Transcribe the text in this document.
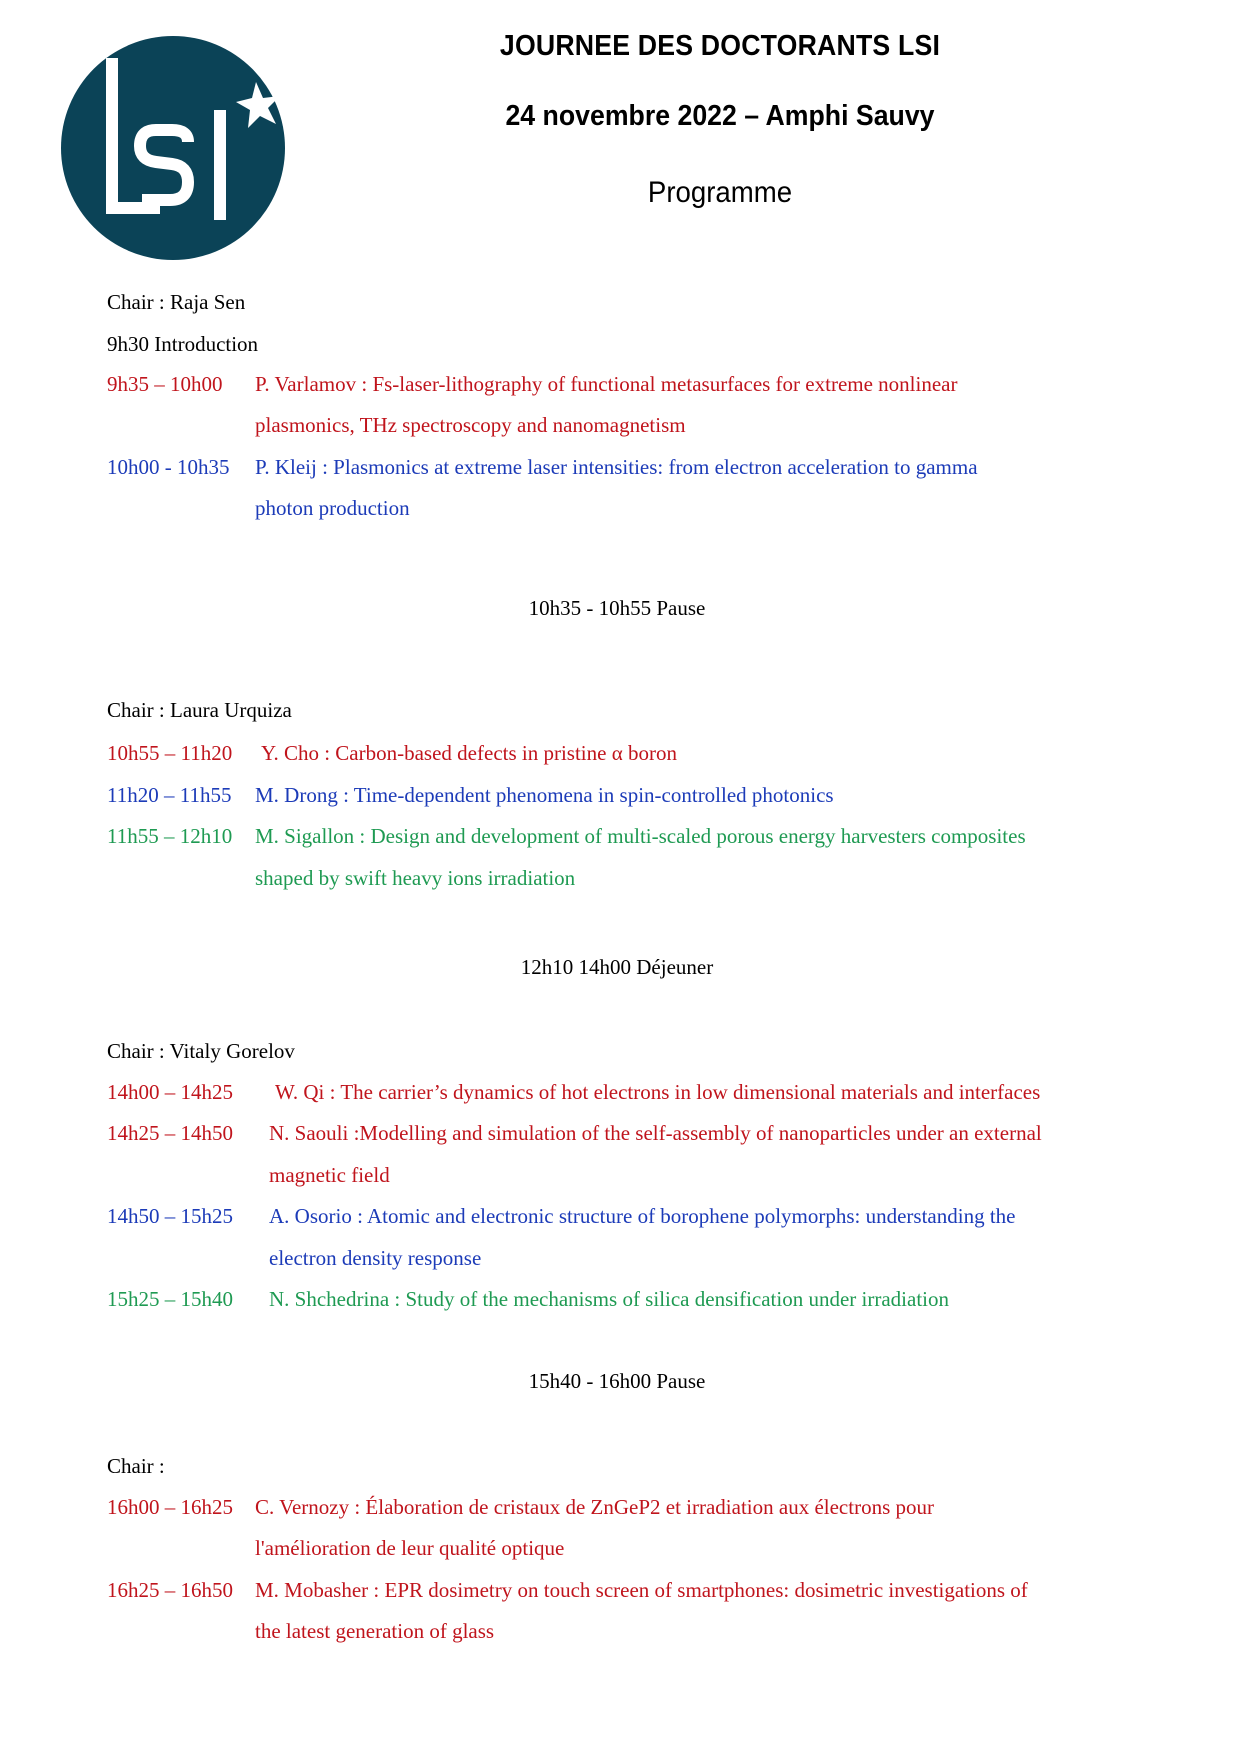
JOURNEE DES DOCTORANTS LSI
24 novembre 2022 – Amphi Sauvy
Programme
Chair : Raja Sen
9h30 Introduction
9h35 – 10h00 P. Varlamov : Fs-laser-lithography of functional metasurfaces for extreme nonlinear
plasmonics, THz spectroscopy and nanomagnetism
10h00 - 10h35 P. Kleij : Plasmonics at extreme laser intensities: from electron acceleration to gamma
photon production
10h35 - 10h55 Pause
Chair : Laura Urquiza
10h55 – 11h20 Y. Cho : Carbon-based defects in pristine α boron
11h20 – 11h55 M. Drong : Time-dependent phenomena in spin-controlled photonics
11h55 – 12h10 M. Sigallon : Design and development of multi-scaled porous energy harvesters composites
shaped by swift heavy ions irradiation
12h10 14h00 Déjeuner
Chair : Vitaly Gorelov
14h00 – 14h25 W. Qi : The carrier’s dynamics of hot electrons in low dimensional materials and interfaces
14h25 – 14h50 N. Saouli :Modelling and simulation of the self-assembly of nanoparticles under an external
magnetic field
14h50 – 15h25 A. Osorio : Atomic and electronic structure of borophene polymorphs: understanding the
electron density response
15h25 – 15h40 N. Shchedrina : Study of the mechanisms of silica densification under irradiation
15h40 - 16h00 Pause
Chair :
16h00 – 16h25 C. Vernozy : Élaboration de cristaux de ZnGeP2 et irradiation aux électrons pour
l'amélioration de leur qualité optique
16h25 – 16h50 M. Mobasher : EPR dosimetry on touch screen of smartphones: dosimetric investigations of
the latest generation of glass
